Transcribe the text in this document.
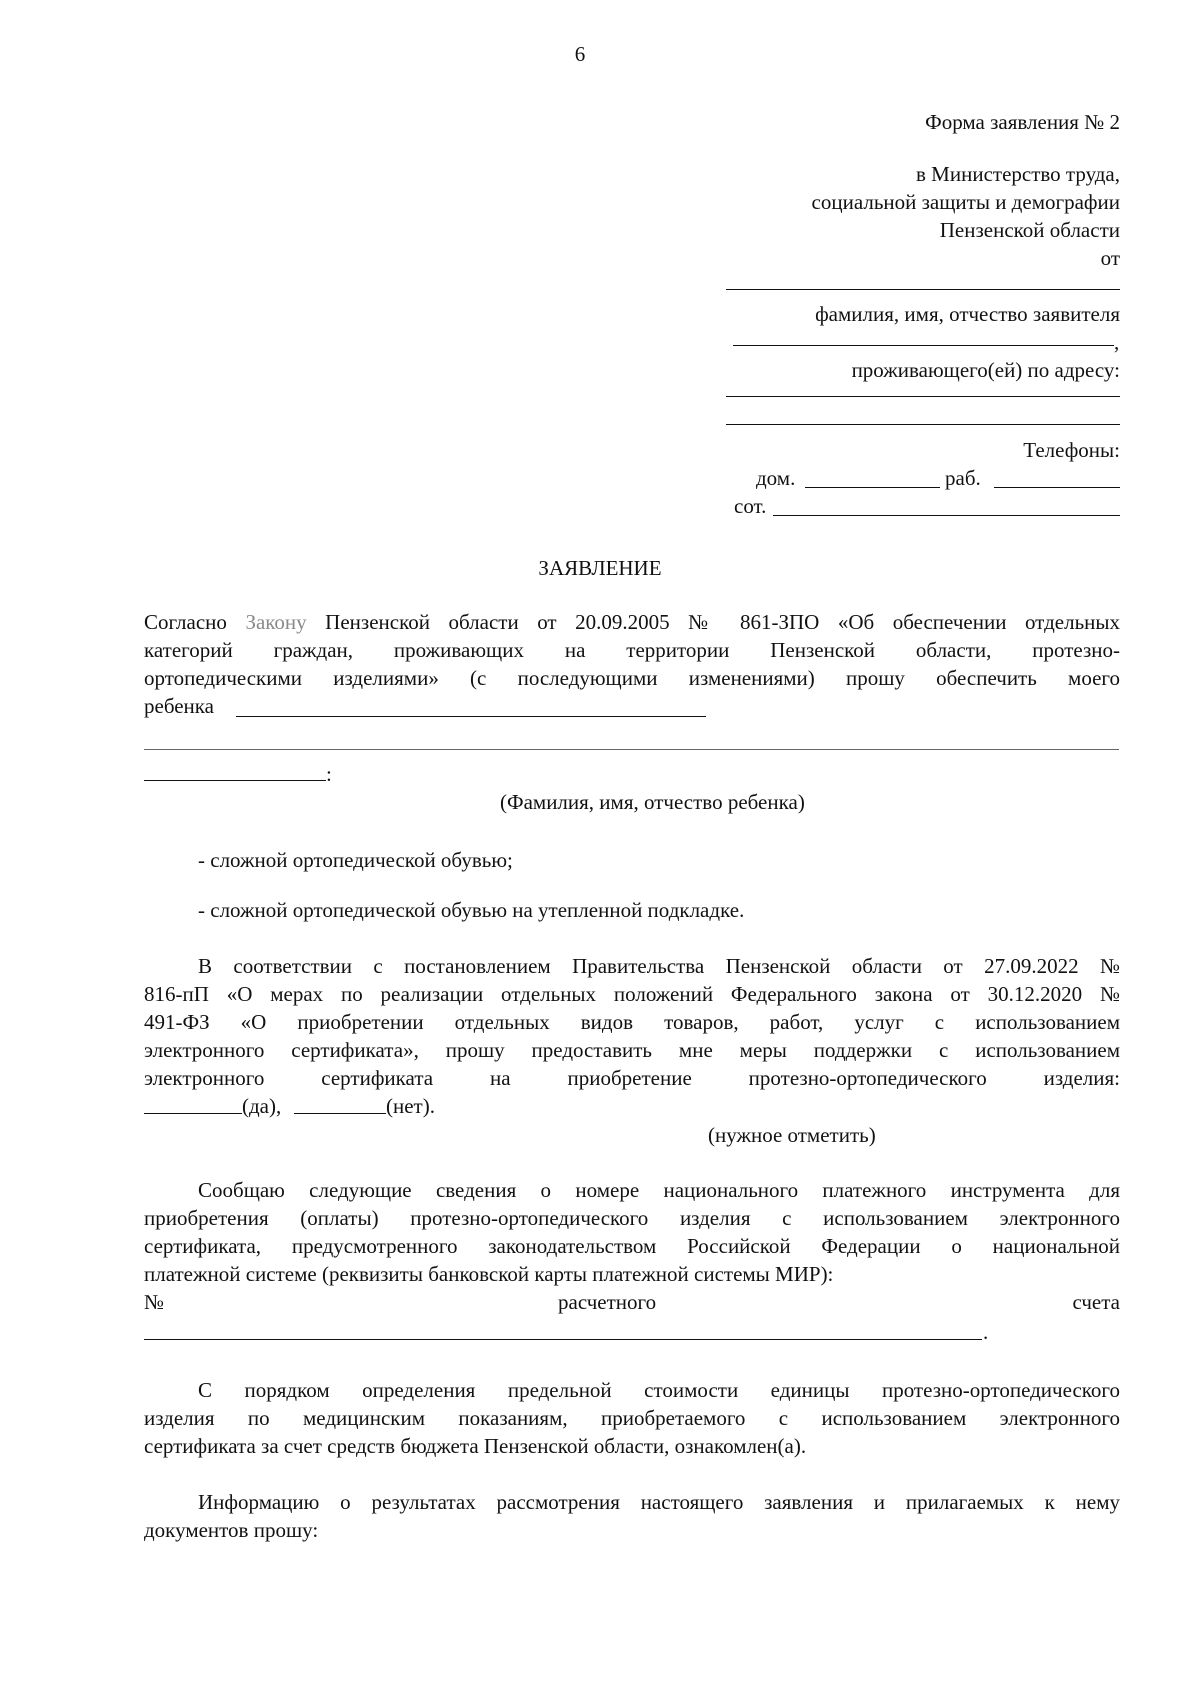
6
Форма заявления № 2
в Министерство труда,
социальной защиты и демографии
Пензенской области
от
фамилия, имя, отчество заявителя
,
проживающего(ей) по адресу:
Телефоны:
дом.	раб.
сот.
ЗАЯВЛЕНИЕ
Согласно Закону Пензенской области от 20.09.2005 № 861-ЗПО «Об обеспечении отдельных
категорий граждан, проживающих на территории Пензенской области, протезно-
ортопедическими изделиями» (с последующими изменениями) прошу обеспечить моего
ребенка
:
(Фамилия, имя, отчество ребенка)
- сложной ортопедической обувью;
- сложной ортопедической обувью на утепленной подкладке.
В соответствии с постановлением Правительства Пензенской области от 27.09.2022 №
816-пП «О мерах по реализации отдельных положений Федерального закона от 30.12.2020 №
491-ФЗ «О приобретении отдельных видов товаров, работ, услуг с использованием
электронного сертификата», прошу предоставить мне меры поддержки с использованием
электронного сертификата на приобретение протезно-ортопедического изделия:
(да),	(нет).
(нужное отметить)
Сообщаю следующие сведения о номере национального платежного инструмента для
приобретения (оплаты) протезно-ортопедического изделия с использованием электронного
сертификата, предусмотренного законодательством Российской Федерации о национальной
платежной системе (реквизиты банковской карты платежной системы МИР):
№	расчетного	счета
.
С порядком определения предельной стоимости единицы протезно-ортопедического
изделия по медицинским показаниям, приобретаемого с использованием электронного
сертификата за счет средств бюджета Пензенской области, ознакомлен(а).
Информацию о результатах рассмотрения настоящего заявления и прилагаемых к нему
документов прошу:
